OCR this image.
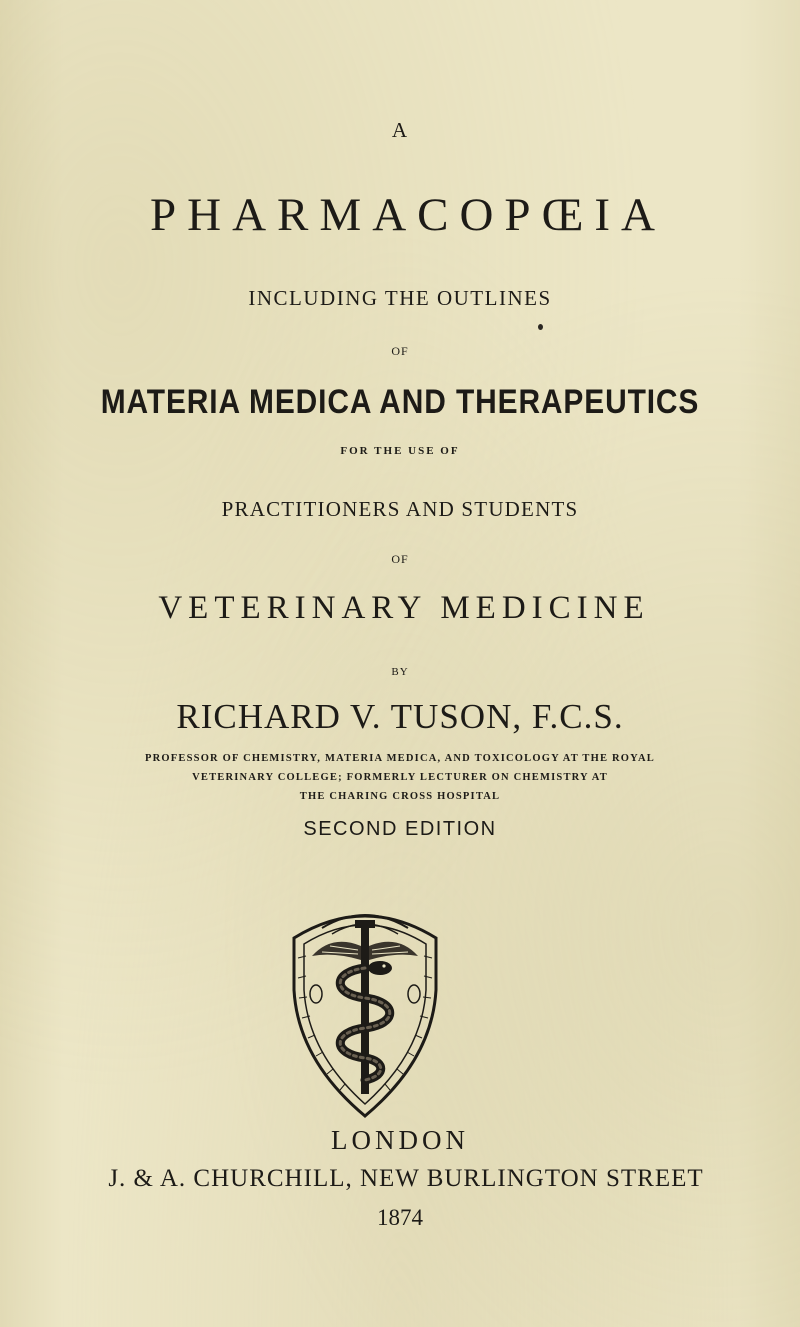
A
PHARMACOPŒIA
INCLUDING THE OUTLINES
OF
MATERIA MEDICA AND THERAPEUTICS
FOR THE USE OF
PRACTITIONERS AND STUDENTS
OF
VETERINARY MEDICINE
BY
RICHARD V. TUSON, F.C.S.
PROFESSOR OF CHEMISTRY, MATERIA MEDICA, AND TOXICOLOGY AT THE ROYAL
VETERINARY COLLEGE; FORMERLY LECTURER ON CHEMISTRY AT
THE CHARING CROSS HOSPITAL
SECOND EDITION
LONDON
J. & A. CHURCHILL, NEW BURLINGTON STREET
1874
